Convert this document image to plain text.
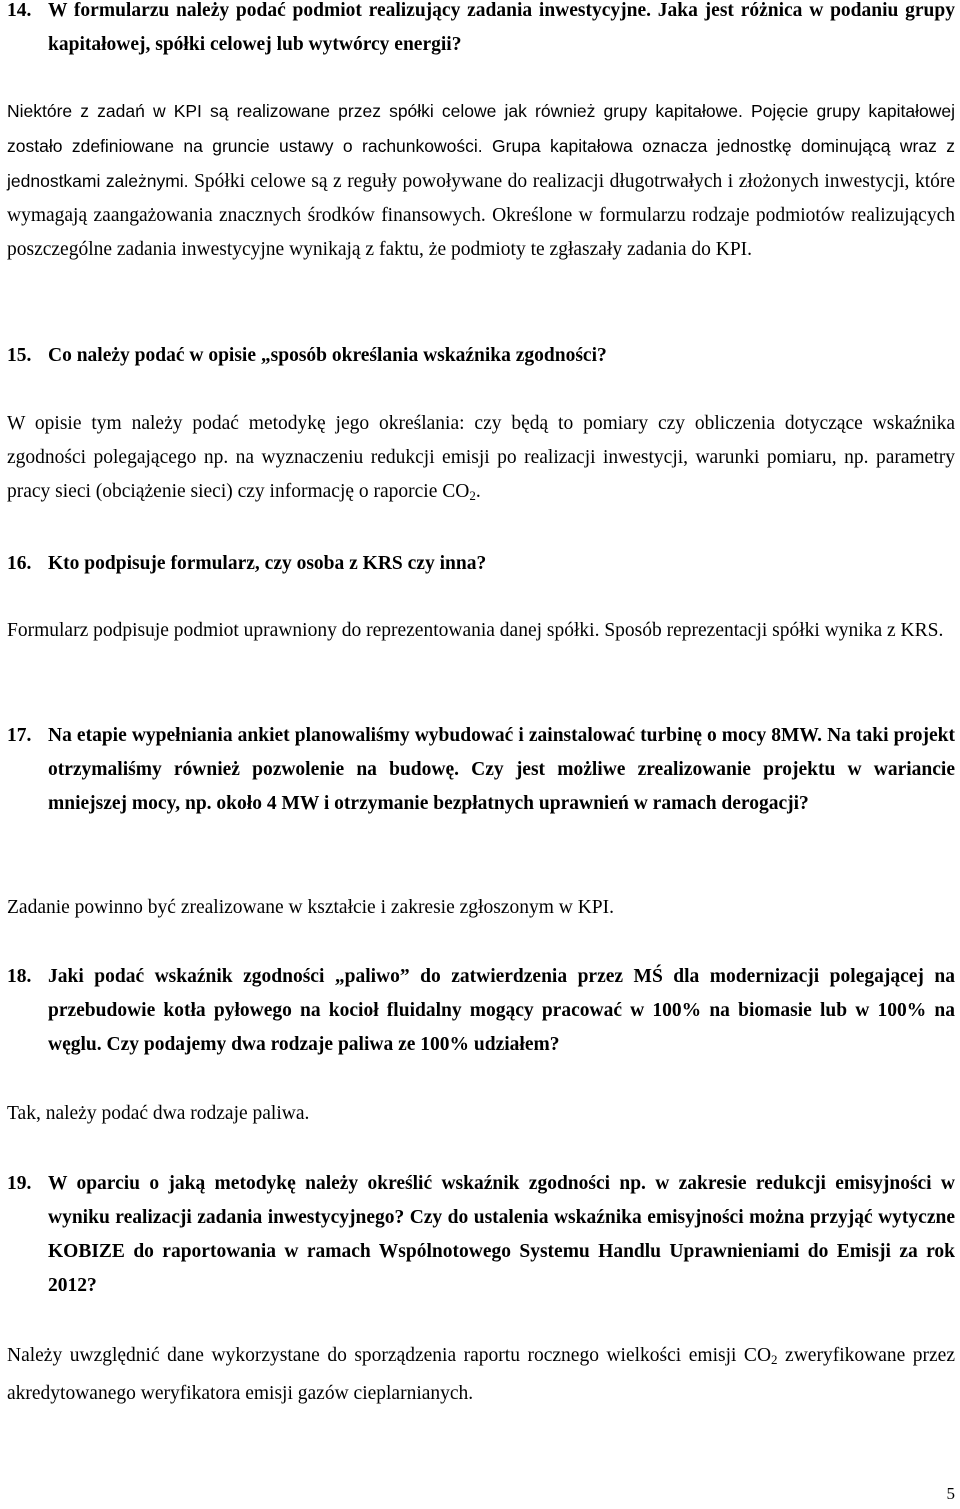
14. W formularzu należy podać podmiot realizujący zadania inwestycyjne. Jaka jest różnica w podaniu grupy kapitałowej, spółki celowej lub wytwórcy energii?
Niektóre z zadań w KPI są realizowane przez spółki celowe jak również grupy kapitałowe. Pojęcie grupy kapitałowej zostało zdefiniowane na gruncie ustawy o rachunkowości. Grupa kapitałowa oznacza jednostkę dominującą wraz z jednostkami zależnymi. Spółki celowe są z reguły powoływane do realizacji długotrwałych i złożonych inwestycji, które wymagają zaangażowania znacznych środków finansowych. Określone w formularzu rodzaje podmiotów realizujących poszczególne zadania inwestycyjne wynikają z faktu, że podmioty te zgłaszały zadania do KPI.
15. Co należy podać w opisie „sposób określania wskaźnika zgodności?
W opisie tym należy podać metodykę jego określania: czy będą to pomiary czy obliczenia dotyczące wskaźnika zgodności polegającego np. na wyznaczeniu redukcji emisji po realizacji inwestycji, warunki pomiaru, np. parametry pracy sieci (obciążenie sieci) czy informację o raporcie $CO_2$.
16. Kto podpisuje formularz, czy osoba z KRS czy inna?
Formularz podpisuje podmiot uprawniony do reprezentowania danej spółki. Sposób reprezentacji spółki wynika z KRS.
17. Na etapie wypełniania ankiet planowaliśmy wybudować i zainstalować turbinę o mocy 8MW. Na taki projekt otrzymaliśmy również pozwolenie na budowę. Czy jest możliwe zrealizowanie projektu w wariancie mniejszej mocy, np. około 4 MW i otrzymanie bezpłatnych uprawnień w ramach derogacji?
Zadanie powinno być zrealizowane w kształcie i zakresie zgłoszonym w KPI.
18. Jaki podać wskaźnik zgodności „paliwo” do zatwierdzenia przez MŚ dla modernizacji polegającej na przebudowie kotła pyłowego na kocioł fluidalny mogący pracować w 100% na biomasie lub w 100% na węglu. Czy podajemy dwa rodzaje paliwa ze 100% udziałem?
Tak, należy podać dwa rodzaje paliwa.
19. W oparciu o jaką metodykę należy określić wskaźnik zgodności np. w zakresie redukcji emisyjności w wyniku realizacji zadania inwestycyjnego? Czy do ustalenia wskaźnika emisyjności można przyjąć wytyczne KOBIZE do raportowania w ramach Wspólnotowego Systemu Handlu Uprawnieniami do Emisji za rok 2012?
Należy uwzględnić dane wykorzystane do sporządzenia raportu rocznego wielkości emisji $CO_2$ zweryfikowane przez akredytowanego weryfikatora emisji gazów cieplarnianych.
5
